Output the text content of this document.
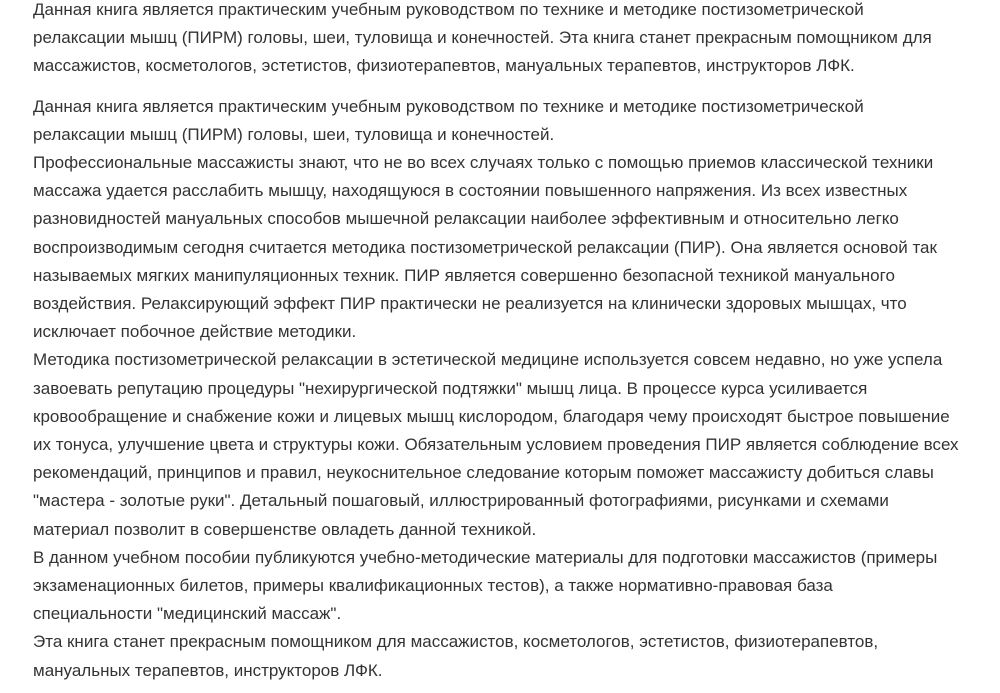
Данная книга является практическим учебным руководством по технике и методике постизометрической
релаксации мышц (ПИРМ) головы, шеи, туловища и конечностей. Эта книга станет прекрасным помощником для
массажистов, косметологов, эстетистов, физиотерапевтов, мануальных терапевтов, инструкторов ЛФК.

Данная книга является практическим учебным руководством по технике и методике постизометрической
релаксации мышц (ПИРМ) головы, шеи, туловища и конечностей.

Профессиональные массажисты знают, что не во всех случаях только с помощью приемов классической техники
массажа удается расслабить мышцу, находящуюся в состоянии повышенного напряжения. Из всех известных
разновидностей мануальных способов мышечной релаксации наиболее эффективным и относительно легко
воспроизводимым сегодня считается методика постизометрической релаксации (ПИР). Она является основой так
называемых мягких манипуляционных техник. ПИР является совершенно безопасной техникой мануального
воздействия. Релаксирующий эффект ПИР практически не реализуется на клинически здоровых мышцах, что
исключает побочное действие методики.

Методика постизометрической релаксации в эстетической медицине используется совсем недавно, но уже успела
завоевать репутацию процедуры "нехирургической подтяжки" мышц лица. В процессе курса усиливается
кровообращение и снабжение кожи и лицевых мышц кислородом, благодаря чему происходят быстрое повышение
их тонуса, улучшение цвета и структуры кожи. Обязательным условием проведения ПИР является соблюдение всех
рекомендаций, принципов и правил, неукоснительное следование которым поможет массажисту добиться славы
"мастера - золотые руки". Детальный пошаговый, иллюстрированный фотографиями, рисунками и схемами
материал позволит в совершенстве овладеть данной техникой.

В данном учебном пособии публикуются учебно-методические материалы для подготовки массажистов (примеры
экзаменационных билетов, примеры квалификационных тестов), а также нормативно-правовая база
специальности "медицинский массаж".

Эта книга станет прекрасным помощником для массажистов, косметологов, эстетистов, физиотерапевтов,
мануальных терапевтов, инструкторов ЛФК.
